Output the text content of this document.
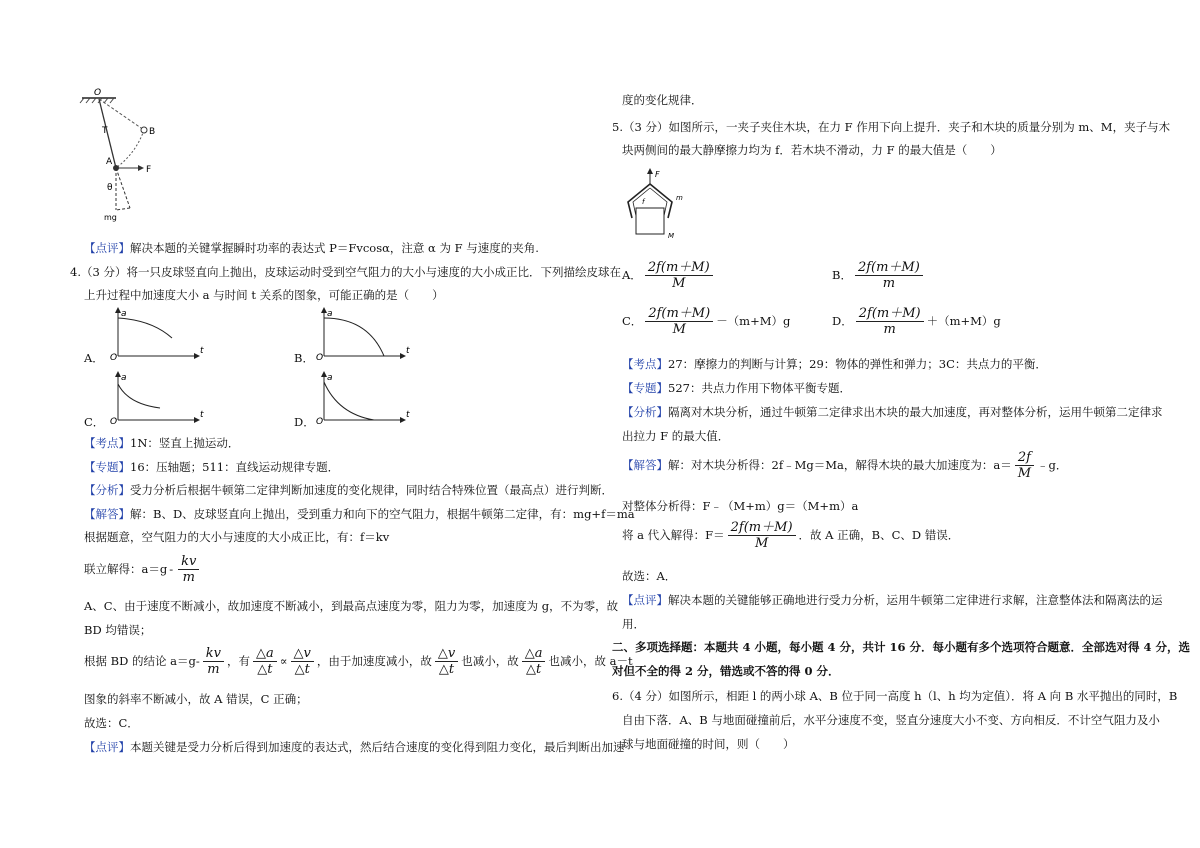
O
B
T
A
F
θ
mg
【点评】解决本题的关键掌握瞬时功率的表达式 P＝Fvcosα，注意 α 为 F 与速度的夹角.
4.（3 分）将一只皮球竖直向上抛出，皮球运动时受到空气阻力的大小与速度的大小成正比．下列描绘皮球在
上升过程中加速度大小 a 与时间 t 关系的图象，可能正确的是（　　）
A．
a
t
O	B．
a
t
O
C．
a
t
O	D．
a
t
O
【考点】1N：竖直上抛运动．
【专题】16：压轴题；511：直线运动规律专题．
【分析】受力分析后根据牛顿第二定律判断加速度的变化规律，同时结合特殊位置（最高点）进行判断．
【解答】解：B、D、皮球竖直向上抛出，受到重力和向下的空气阻力，根据牛顿第二定律，有：mg+f＝ma
根据题意，空气阻力的大小与速度的大小成正比，有：f＝kv
联立解得：$a=g - \frac{kv}{m}$
A、C、由于速度不断减小，故加速度不断减小，到最高点速度为零，阻力为零，加速度为 g，不为零，故
BD 均错误；
根据 BD 的结论 $a=g - \frac{kv}{m}$ ，有 $\frac{\triangle a}{\triangle t} \propto \frac{\triangle v}{\triangle t}$ ，由于加速度减小，故 $\frac{\triangle v}{\triangle t}$ 也减小，故 $\frac{\triangle a}{\triangle t}$ 也减小，故 a－t
图象的斜率不断减小，故 A 错误，C 正确；
故选：C．
【点评】本题关键是受力分析后得到加速度的表达式，然后结合速度的变化得到阻力变化，最后判断出加速
度的变化规律．
5.（3 分）如图所示，一夹子夹住木块，在力 F 作用下向上提升．夹子和木块的质量分别为 m、M，夹子与木
块两侧间的最大静摩擦力均为 f．若木块不滑动，力 F 的最大值是（　　）
F
f	m
M
A． $\frac{2f(m+M)}{M}$	B． $\frac{2f(m+M)}{m}$
C． $\frac{2f(m+M)}{M} -(m+M)g$	D． $\frac{2f(m+M)}{m} +(m+M)g$
【考点】27：摩擦力的判断与计算；29：物体的弹性和弹力；3C：共点力的平衡．
【专题】527：共点力作用下物体平衡专题．
【分析】隔离对木块分析，通过牛顿第二定律求出木块的最大加速度，再对整体分析，运用牛顿第二定律求
出拉力 F 的最大值．
【解答】 解：对木块分析得：2f﹣Mg＝Ma，解得木块的最大加速度为：$a= \frac{2f}{M}$ ﹣g．
对整体分析得：F﹣（M+m）g＝（M+m）a
将 a 代入解得：$F= \frac{2f(m+M)}{M}$ ．故 A 正确，B、C、D 错误．
故选：A．
【点评】解决本题的关键能够正确地进行受力分析，运用牛顿第二定律进行求解，注意整体法和隔离法的运
用．
二、多项选择题：本题共 4 小题，每小题 4 分，共计 16 分．每小题有多个选项符合题意．全部选对得 4 分，选
对但不全的得 2 分，错选或不答的得 0 分．
6.（4 分）如图所示，相距 l 的两小球 A、B 位于同一高度 h（l、h 均为定值）．将 A 向 B 水平抛出的同时，B
自由下落．A、B 与地面碰撞前后，水平分速度不变，竖直分速度大小不变、方向相反．不计空气阻力及小
球与地面碰撞的时间，则（　　）
